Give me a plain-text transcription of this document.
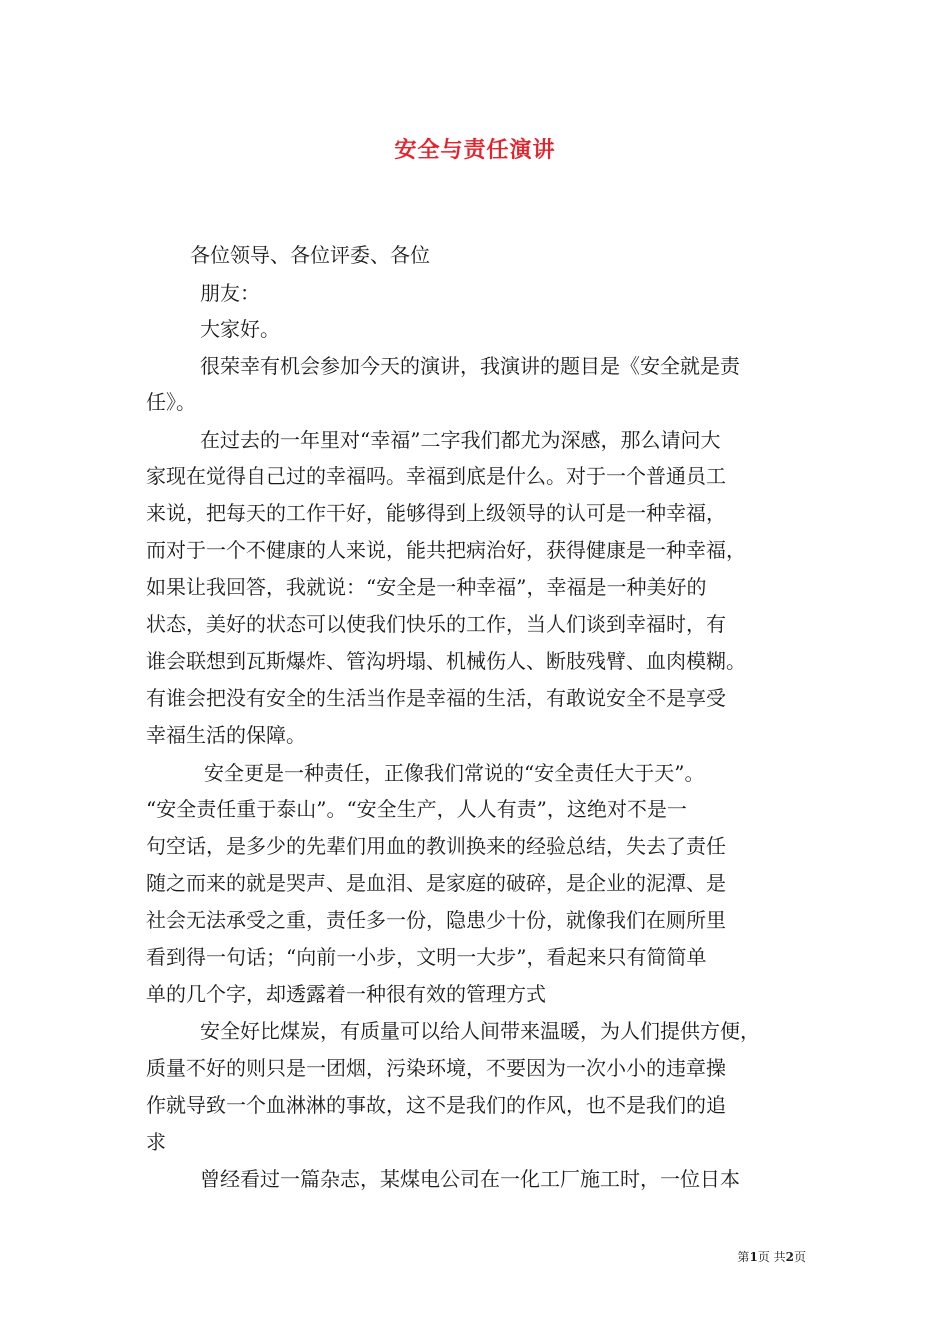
安全与责任演讲
各位领导、各位评委、各位
朋友：
大家好。
很荣幸有机会参加今天的演讲，我演讲的题目是《安全就是责
任》。
在过去的一年里对“幸福”二字我们都尤为深感，那么请问大
家现在觉得自己过的幸福吗。幸福到底是什么。对于一个普通员工
来说，把每天的工作干好，能够得到上级领导的认可是一种幸福，
而对于一个不健康的人来说，能共把病治好，获得健康是一种幸福，
如果让我回答，我就说：“安全是一种幸福”，幸福是一种美好的
状态，美好的状态可以使我们快乐的工作，当人们谈到幸福时，有
谁会联想到瓦斯爆炸、管沟坍塌、机械伤人、断肢残臂、血肉模糊。
有谁会把没有安全的生活当作是幸福的生活，有敢说安全不是享受
幸福生活的保障。
安全更是一种责任，正像我们常说的“安全责任大于天”。
“安全责任重于泰山”。“安全生产，人人有责”，这绝对不是一
句空话，是多少的先辈们用血的教训换来的经验总结，失去了责任
随之而来的就是哭声、是血泪、是家庭的破碎，是企业的泥潭、是
社会无法承受之重，责任多一份，隐患少十份，就像我们在厕所里
看到得一句话；“向前一小步，文明一大步”，看起来只有简简单
单的几个字，却透露着一种很有效的管理方式
安全好比煤炭，有质量可以给人间带来温暖，为人们提供方便，
质量不好的则只是一团烟，污染环境，不要因为一次小小的违章操
作就导致一个血淋淋的事故，这不是我们的作风，也不是我们的追
求
曾经看过一篇杂志，某煤电公司在一化工厂施工时，一位日本
第1页 共2页
